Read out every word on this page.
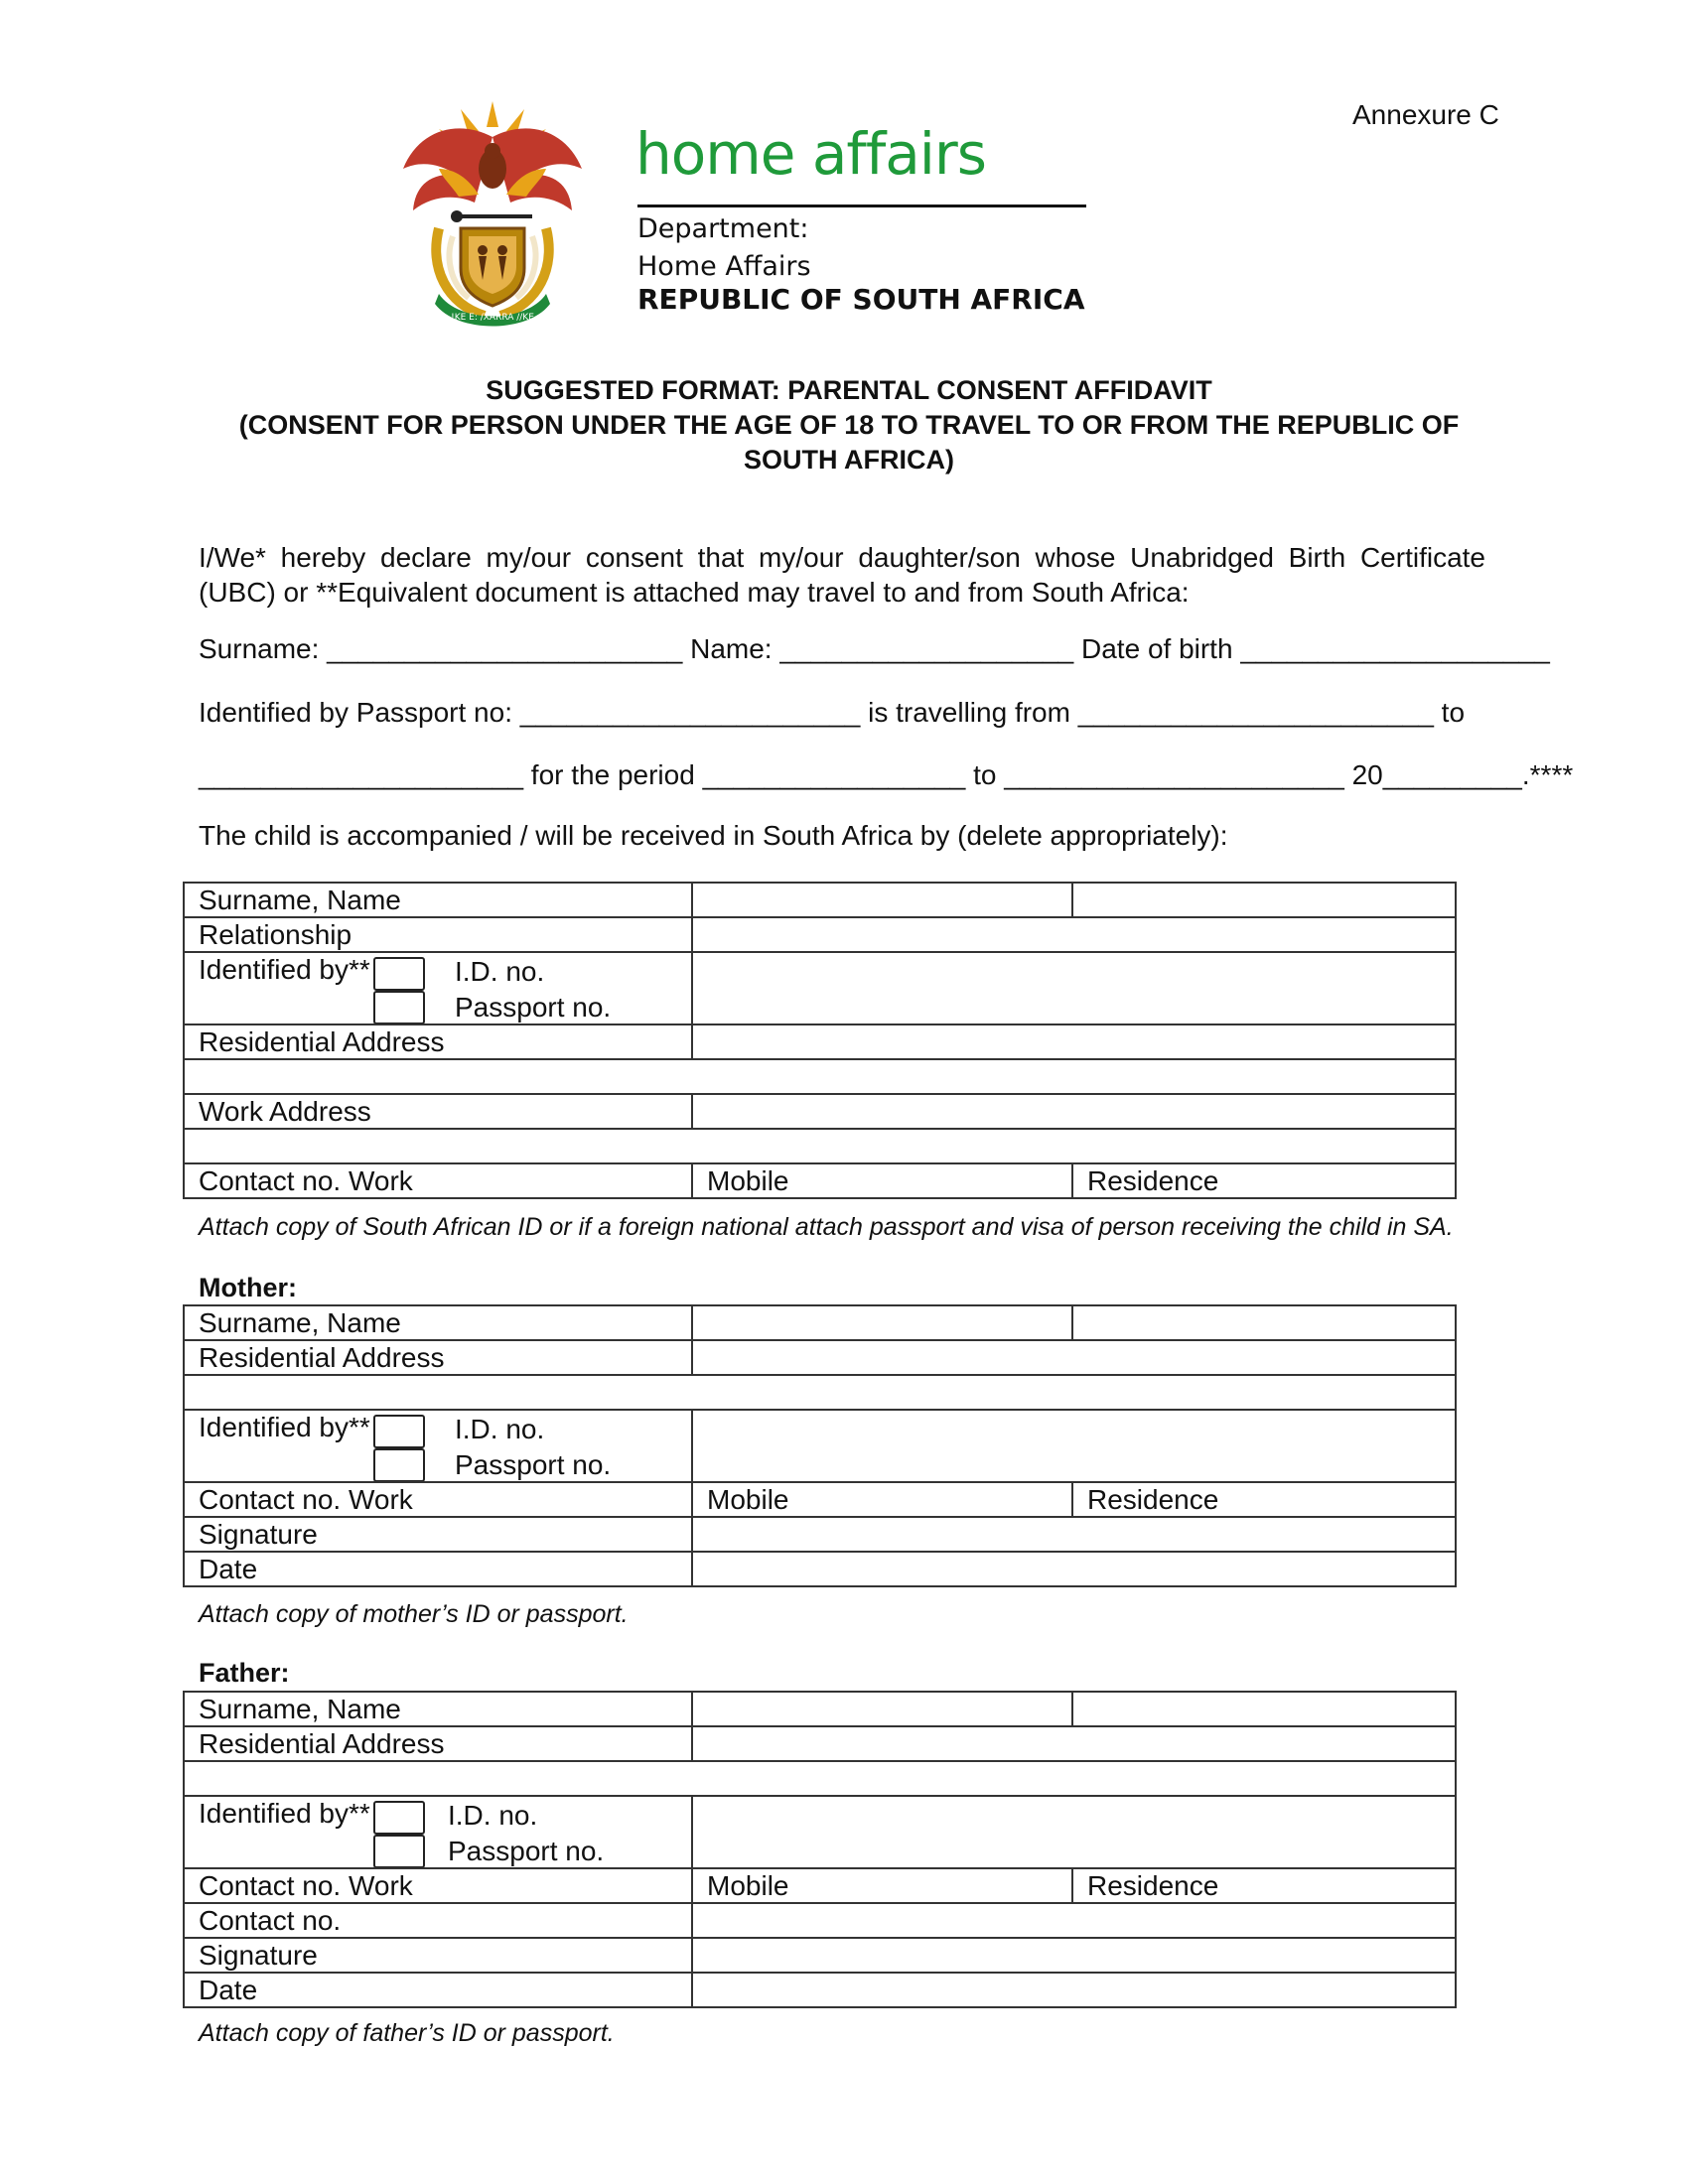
Annexure C
!KE E: /XARRA //KE
home affairs
Department:
Home Affairs
REPUBLIC OF SOUTH AFRICA
SUGGESTED FORMAT: PARENTAL CONSENT AFFIDAVIT
(CONSENT FOR PERSON UNDER THE AGE OF 18 TO TRAVEL TO OR FROM THE REPUBLIC OF SOUTH AFRICA)
I/We* hereby declare my/our consent that my/our daughter/son whose Unabridged Birth Certificate (UBC) or **Equivalent document is attached may travel to and from South Africa:
Surname: _______________________ Name: ___________________ Date of birth ____________________
Identified by Passport no: ______________________ is travelling from _______________________ to
_____________________ for the period _________________ to ______________________ 20_________.****
The child is accompanied / will be received in South Africa by (delete appropriately):
Surname, Name		
Relationship		
Identified by** I.D. no.
Passport no.		

Residential Address		

Work Address		

Contact no. Work	Mobile	Residence
Attach copy of South African ID or if a foreign national attach passport and visa of person receiving the child in SA.
Mother:
Surname, Name		
Residential Address		

Identified by** I.D. no.
Passport no.		

Contact no. Work	Mobile	Residence
Signature		
Date		
Attach copy of mother’s ID or passport.
Father:
Surname, Name		
Residential Address		

Identified by** I.D. no.
Passport no.		

Contact no. Work	Mobile	Residence
Contact no.		
Signature		
Date		
Attach copy of father’s ID or passport.
